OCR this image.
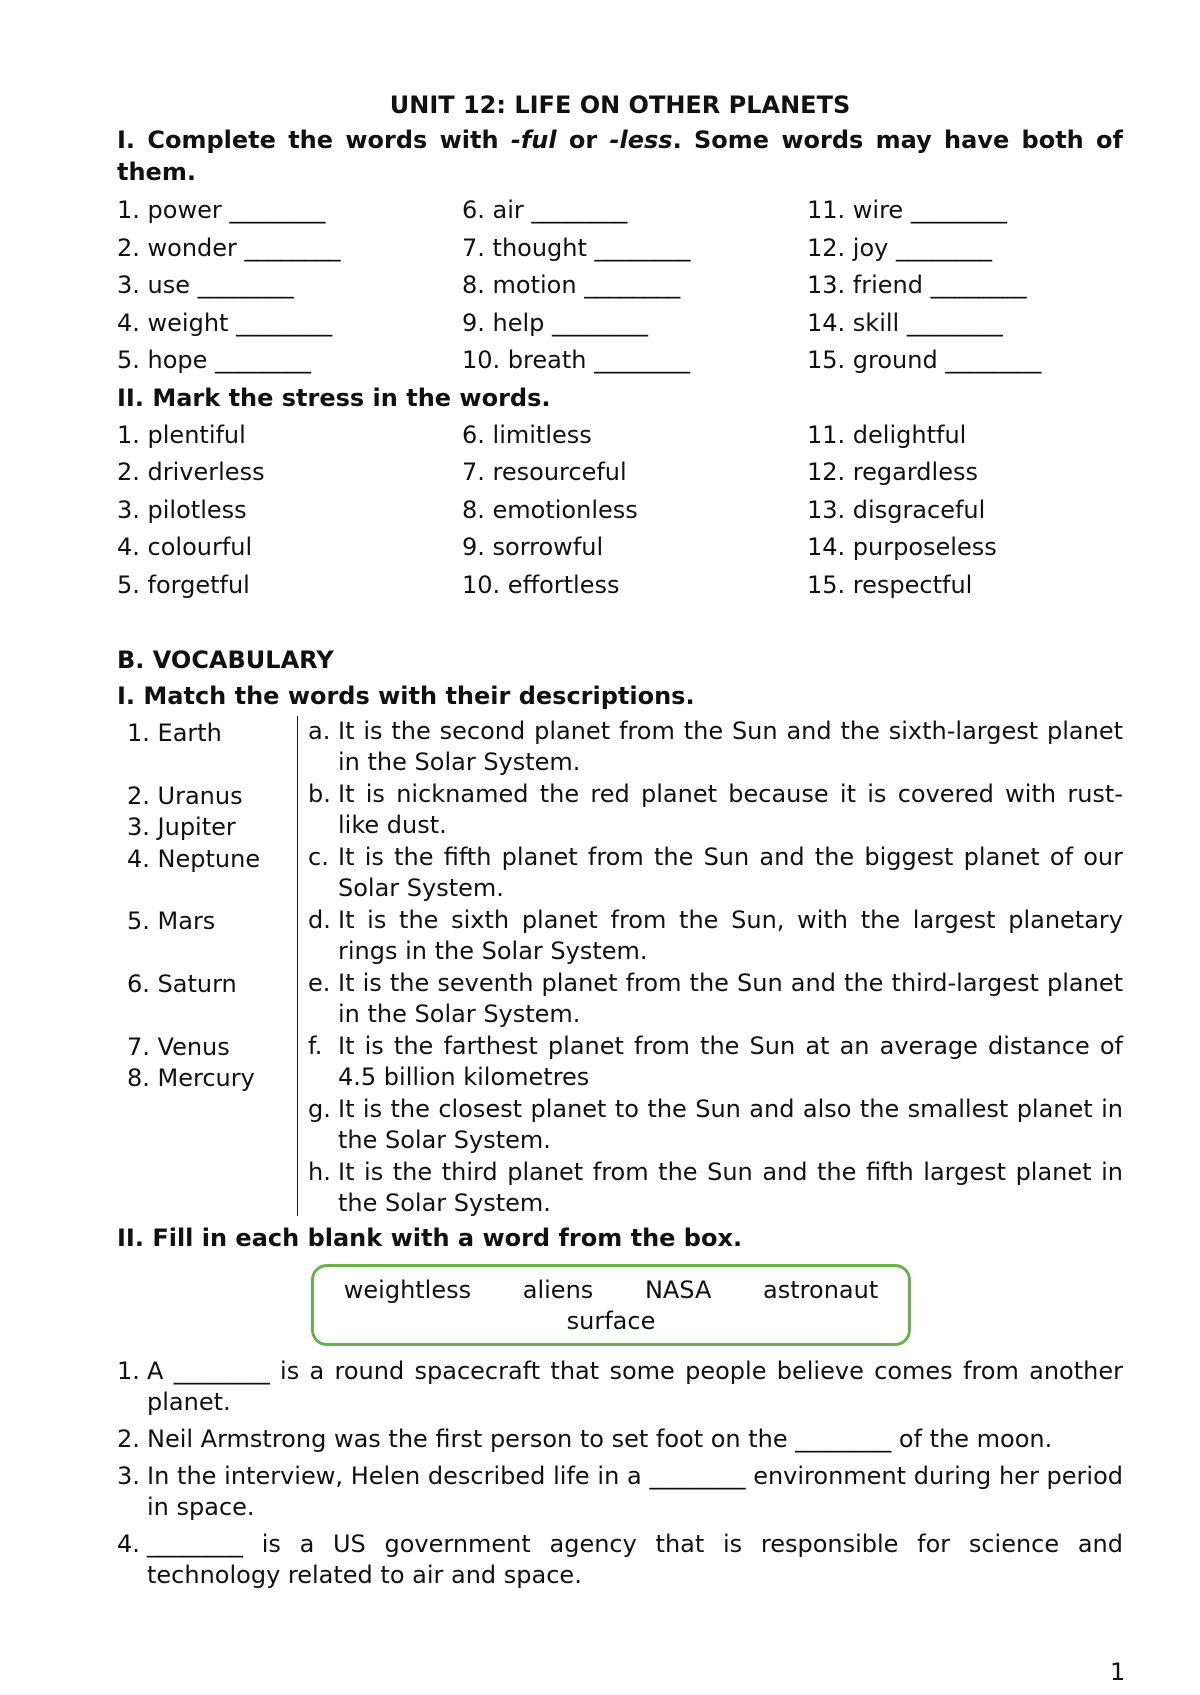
UNIT 12: LIFE ON OTHER PLANETS

I. Complete the words with -ful or -less. Some words may have both of them.

1. power ________	6. air ________	11. wire ________
2. wonder ________	7. thought ________	12. joy ________
3. use ________	8. motion ________	13. friend ________
4. weight ________	9. help ________	14. skill ________
5. hope ________	10. breath ________	15. ground ________

II. Mark the stress in the words.

1. plentiful	6. limitless	11. delightful
2. driverless	7. resourceful	12. regardless
3. pilotless	8. emotionless	13. disgraceful
4. colourful	9. sorrowful	14. purposeless
5. forgetful	10. effortless	15. respectful

B. VOCABULARY

I. Match the words with their descriptions.

1. Earth
2. Uranus
3. Jupiter
4. Neptune
5. Mars
6. Saturn
7. Venus
8. Mercury
a. It is the second planet from the Sun and the sixth-largest planet in the Solar System.
b. It is nicknamed the red planet because it is covered with rust-like dust.
c. It is the fifth planet from the Sun and the biggest planet of our Solar System.
d. It is the sixth planet from the Sun, with the largest planetary rings in the Solar System.
e. It is the seventh planet from the Sun and the third-largest planet in the Solar System.
f. It is the farthest planet from the Sun at an average distance of 4.5 billion kilometres
g. It is the closest planet to the Sun and also the smallest planet in the Solar System.
h. It is the third planet from the Sun and the fifth largest planet in the Solar System.

II. Fill in each blank with a word from the box.

weightless aliens NASA astronaut
surface
1. A ________ is a round spacecraft that some people believe comes from another planet.
2. Neil Armstrong was the first person to set foot on the ________ of the moon.
3. In the interview, Helen described life in a ________ environment during her period in space.
4. ________ is a US government agency that is responsible for science and technology related to air and space.
1
